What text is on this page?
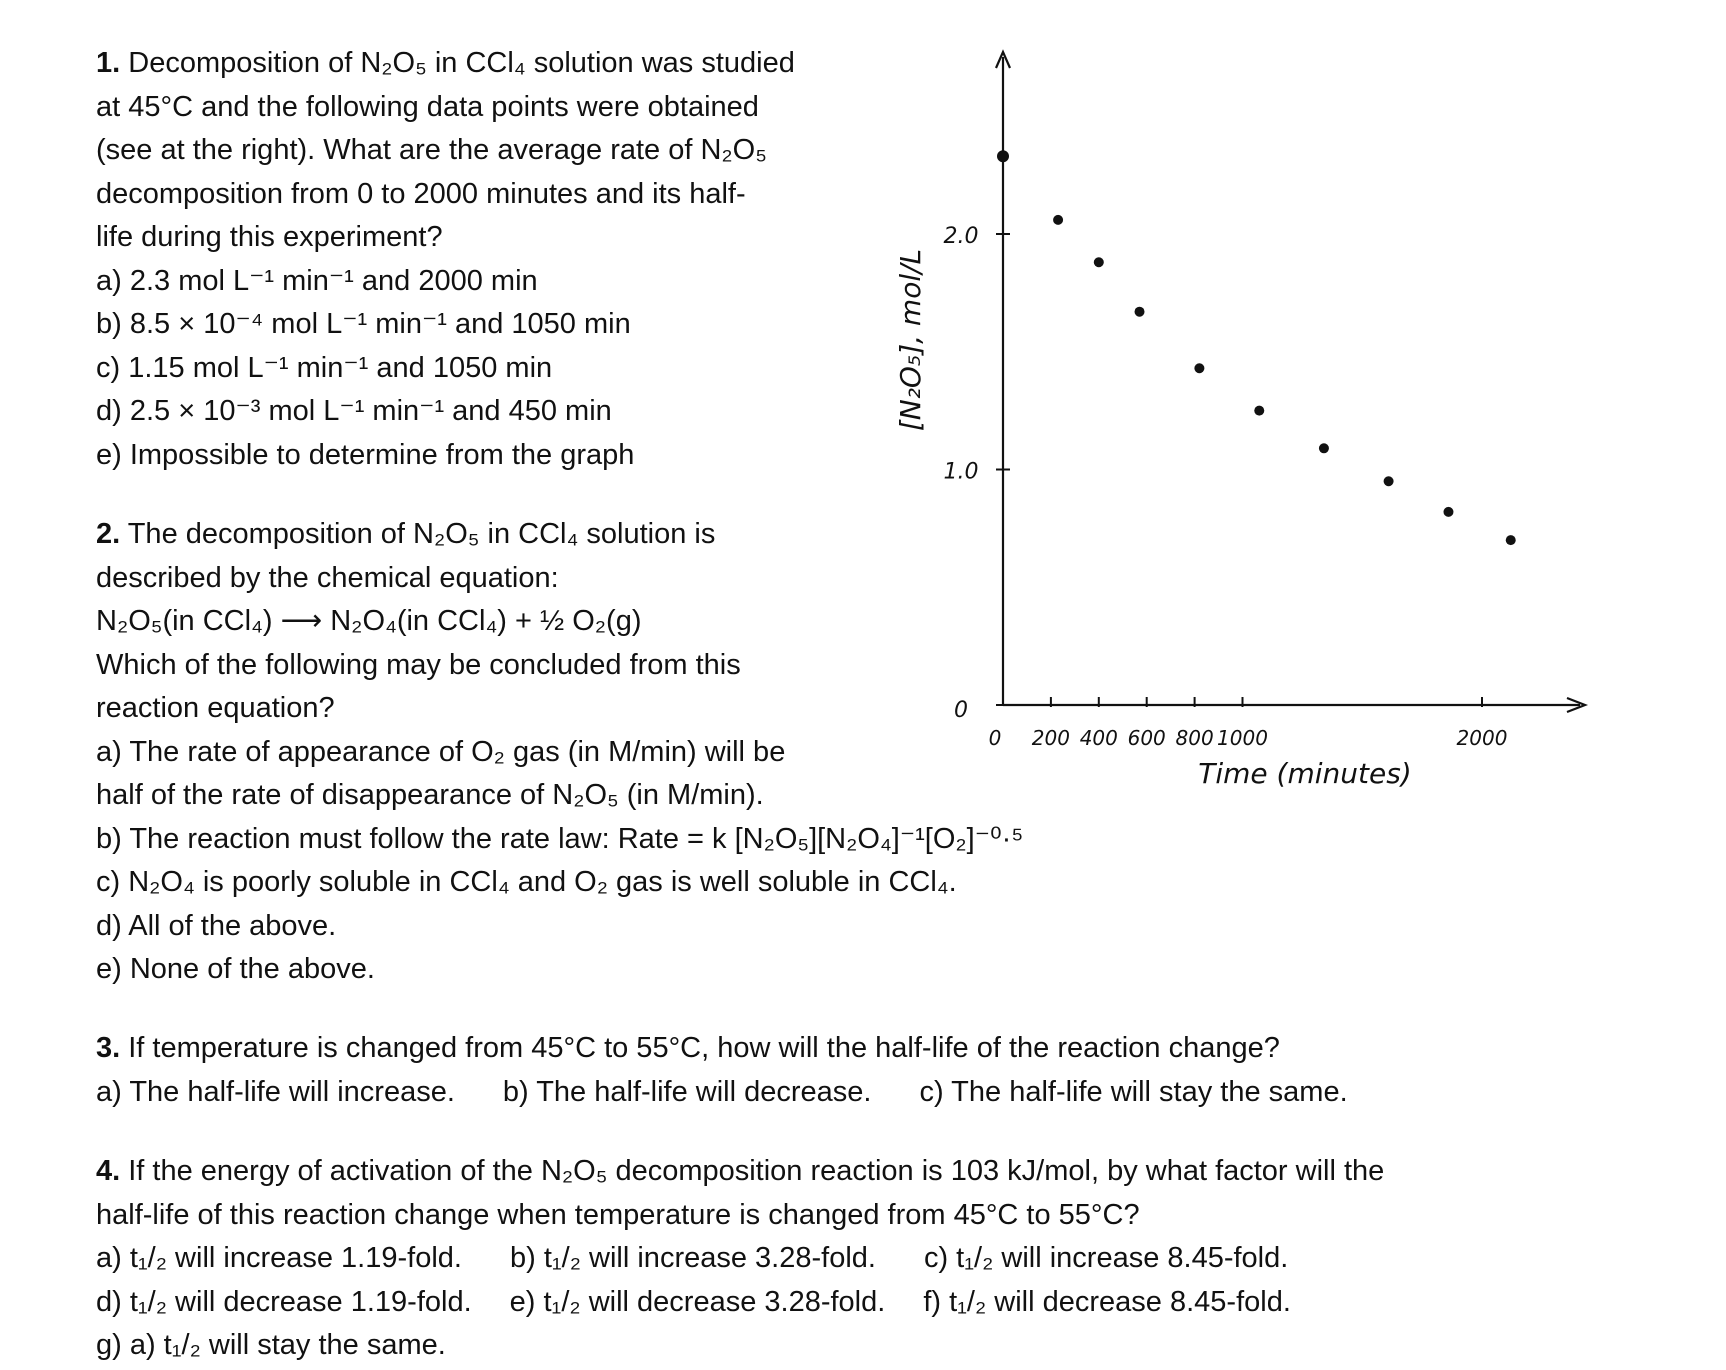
1. Decomposition of N₂O₅ in CCl₄ solution was studied

at 45°C and the following data points were obtained

(see at the right). What are the average rate of N₂O₅

decomposition from 0 to 2000 minutes and its half-

life during this experiment?

a) 2.3 mol L⁻¹ min⁻¹ and 2000 min

b) 8.5 × 10⁻⁴ mol L⁻¹ min⁻¹ and 1050 min

c) 1.15 mol L⁻¹ min⁻¹ and 1050 min

d) 2.5 × 10⁻³ mol L⁻¹ min⁻¹ and 450 min

e) Impossible to determine from the graph

2. The decomposition of N₂O₅ in CCl₄ solution is

described by the chemical equation:

N₂O₅(in CCl₄) ⟶ N₂O₄(in CCl₄) + ½ O₂(g)

Which of the following may be concluded from this

reaction equation?

a) The rate of appearance of O₂ gas (in M/min) will be

half of the rate of disappearance of N₂O₅ (in M/min).

b) The reaction must follow the rate law: Rate = k [N₂O₅][N₂O₄]⁻¹[O₂]⁻⁰·⁵

c) N₂O₄ is poorly soluble in CCl₄ and O₂ gas is well soluble in CCl₄.

d) All of the above.

e) None of the above.

3. If temperature is changed from 45°C to 55°C, how will the half-life of the reaction change?

a) The half-life will increase. b) The half-life will decrease. c) The half-life will stay the same.

4. If the energy of activation of the N₂O₅ decomposition reaction is 103 kJ/mol, by what factor will the

half-life of this reaction change when temperature is changed from 45°C to 55°C?

a) t₁/₂ will increase 1.19-fold. b) t₁/₂ will increase 3.28-fold. c) t₁/₂ will increase 8.45-fold.

d) t₁/₂ will decrease 1.19-fold. e) t₁/₂ will decrease 3.28-fold. f) t₁/₂ will decrease 8.45-fold.

g) a) t₁/₂ will stay the same.

0
1.0
2.0
0 200 400 600 800 1000	2000
[N₂O₅], mol/L
Time (minutes)
